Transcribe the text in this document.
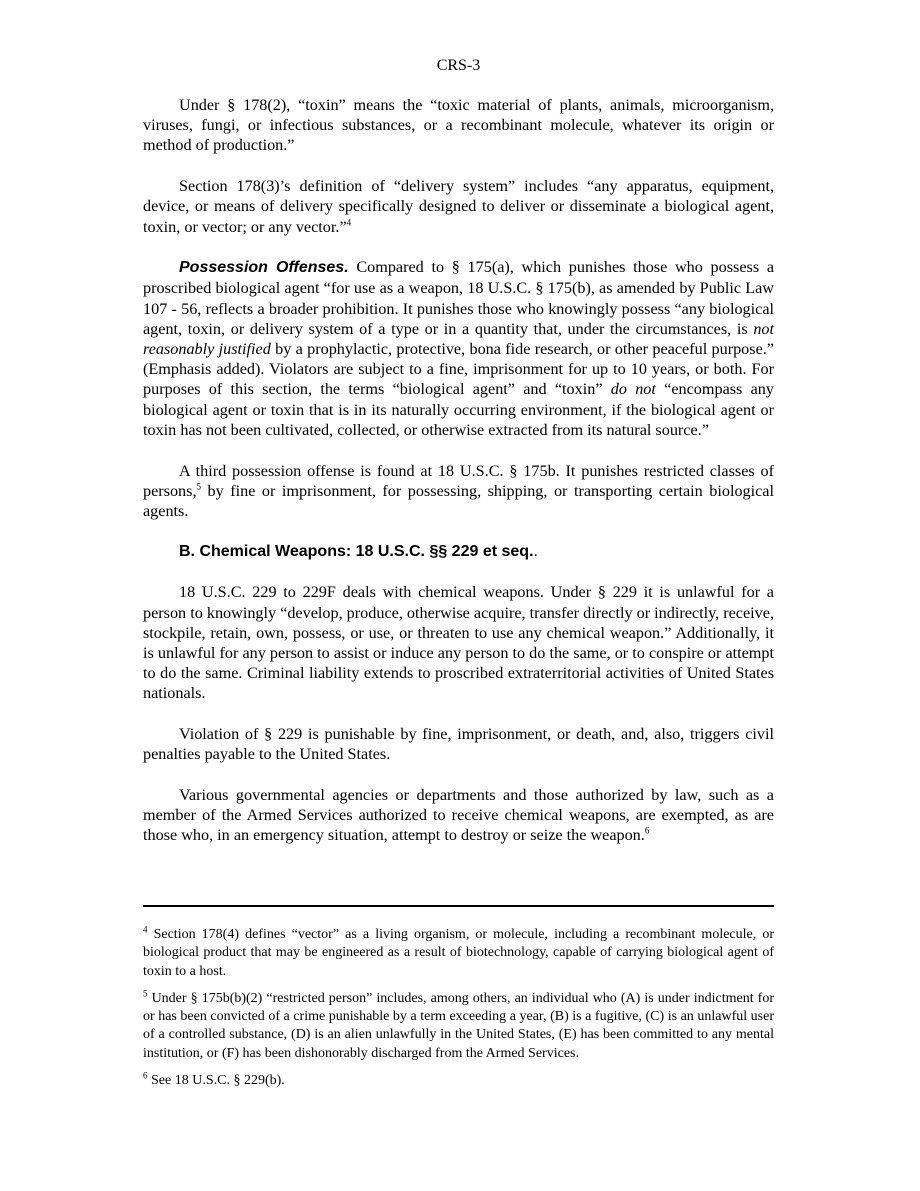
CRS-3

Under § 178(2), “toxin” means the “toxic material of plants, animals, microorganism, viruses, fungi, or infectious substances, or a recombinant molecule, whatever its origin or method of production.”

Section 178(3)’s definition of “delivery system” includes “any apparatus, equipment, device, or means of delivery specifically designed to deliver or disseminate a biological agent, toxin, or vector; or any vector.”$^4$

Possession Offenses. Compared to § 175(a), which punishes those who possess a proscribed biological agent “for use as a weapon, 18 U.S.C. § 175(b), as amended by Public Law 107 - 56, reflects a broader prohibition. It punishes those who knowingly possess “any biological agent, toxin, or delivery system of a type or in a quantity that, under the circumstances, is not reasonably justified by a prophylactic, protective, bona fide research, or other peaceful purpose.” (Emphasis added). Violators are subject to a fine, imprisonment for up to 10 years, or both. For purposes of this section, the terms “biological agent” and “toxin” do not “encompass any biological agent or toxin that is in its naturally occurring environment, if the biological agent or toxin has not been cultivated, collected, or otherwise extracted from its natural source.”

A third possession offense is found at 18 U.S.C. § 175b. It punishes restricted classes of persons,$^5$ by fine or imprisonment, for possessing, shipping, or transporting certain biological agents.

B. Chemical Weapons: 18 U.S.C. §§ 229 et seq..

18 U.S.C. 229 to 229F deals with chemical weapons. Under § 229 it is unlawful for a person to knowingly “develop, produce, otherwise acquire, transfer directly or indirectly, receive, stockpile, retain, own, possess, or use, or threaten to use any chemical weapon.” Additionally, it is unlawful for any person to assist or induce any person to do the same, or to conspire or attempt to do the same. Criminal liability extends to proscribed extraterritorial activities of United States nationals.

Violation of § 229 is punishable by fine, imprisonment, or death, and, also, triggers civil penalties payable to the United States.

Various governmental agencies or departments and those authorized by law, such as a member of the Armed Services authorized to receive chemical weapons, are exempted, as are those who, in an emergency situation, attempt to destroy or seize the weapon.$^6$

$^4$ Section 178(4) defines “vector” as a living organism, or molecule, including a recombinant molecule, or biological product that may be engineered as a result of biotechnology, capable of carrying biological agent of toxin to a host.

$^5$ Under § 175b(b)(2) “restricted person” includes, among others, an individual who (A) is under indictment for or has been convicted of a crime punishable by a term exceeding a year, (B) is a fugitive, (C) is an unlawful user of a controlled substance, (D) is an alien unlawfully in the United States, (E) has been committed to any mental institution, or (F) has been dishonorably discharged from the Armed Services.

$^6$ See 18 U.S.C. § 229(b).
